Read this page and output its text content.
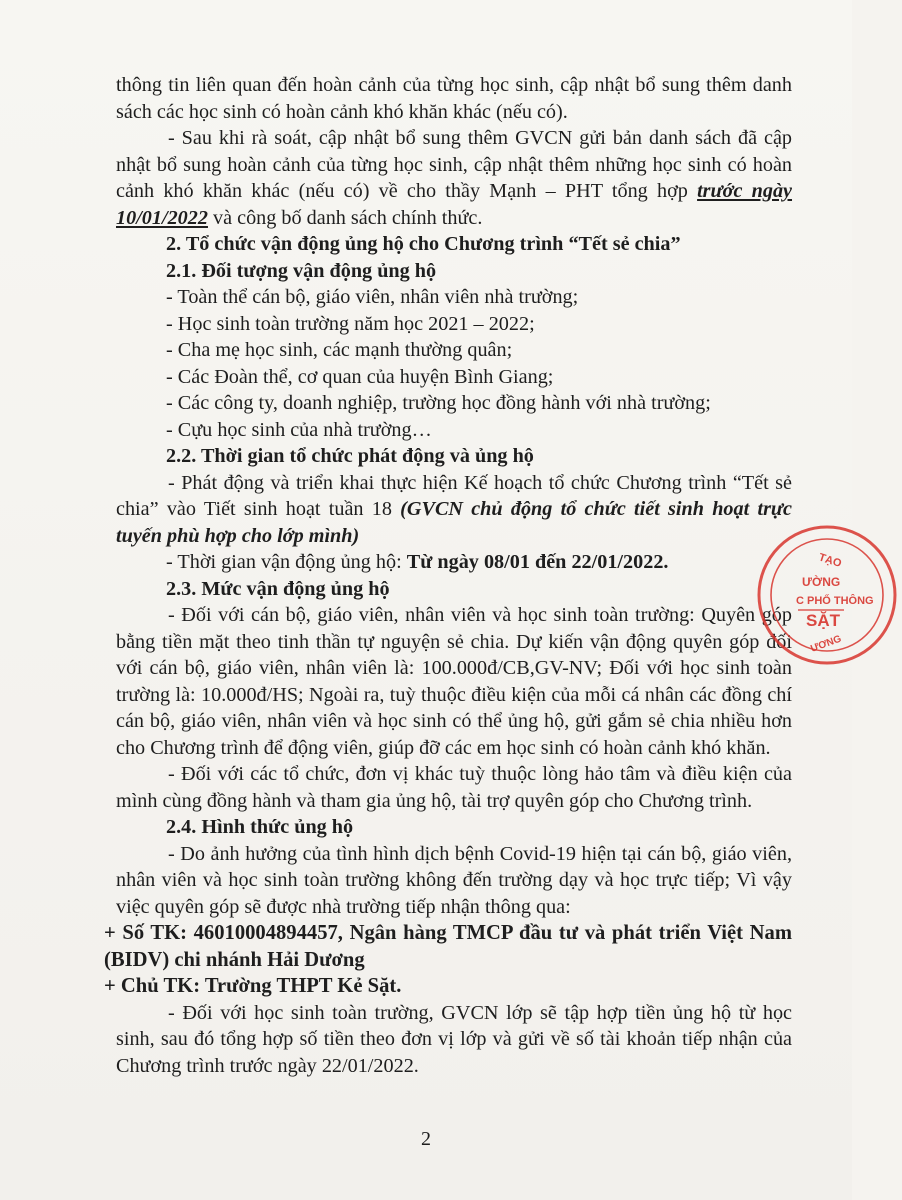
thông tin liên quan đến hoàn cảnh của từng học sinh, cập nhật bổ sung thêm danh sách các học sinh có hoàn cảnh khó khăn khác (nếu có).

- Sau khi rà soát, cập nhật bổ sung thêm GVCN gửi bản danh sách đã cập nhật bổ sung hoàn cảnh của từng học sinh, cập nhật thêm những học sinh có hoàn cảnh khó khăn khác (nếu có) về cho thầy Mạnh – PHT tổng hợp trước ngày 10/01/2022 và công bố danh sách chính thức.

2. Tổ chức vận động ủng hộ cho Chương trình “Tết sẻ chia”

2.1. Đối tượng vận động ủng hộ

- Toàn thể cán bộ, giáo viên, nhân viên nhà trường;

- Học sinh toàn trường năm học 2021 – 2022;

- Cha mẹ học sinh, các mạnh thường quân;

- Các Đoàn thể, cơ quan của huyện Bình Giang;

- Các công ty, doanh nghiệp, trường học đồng hành với nhà trường;

- Cựu học sinh của nhà trường…

2.2. Thời gian tổ chức phát động và ủng hộ

- Phát động và triển khai thực hiện Kế hoạch tổ chức Chương trình “Tết sẻ chia” vào Tiết sinh hoạt tuần 18 (GVCN chủ động tổ chức tiết sinh hoạt trực tuyến phù hợp cho lớp mình)

- Thời gian vận động ủng hộ: Từ ngày 08/01 đến 22/01/2022.

2.3. Mức vận động ủng hộ

- Đối với cán bộ, giáo viên, nhân viên và học sinh toàn trường: Quyên góp bằng tiền mặt theo tinh thần tự nguyện sẻ chia. Dự kiến vận động quyên góp đối với cán bộ, giáo viên, nhân viên là: 100.000đ/CB,GV-NV; Đối với học sinh toàn trường là: 10.000đ/HS; Ngoài ra, tuỳ thuộc điều kiện của mỗi cá nhân các đồng chí cán bộ, giáo viên, nhân viên và học sinh có thể ủng hộ, gửi gắm sẻ chia nhiều hơn cho Chương trình để động viên, giúp đỡ các em học sinh có hoàn cảnh khó khăn.

- Đối với các tổ chức, đơn vị khác tuỳ thuộc lòng hảo tâm và điều kiện của mình cùng đồng hành và tham gia ủng hộ, tài trợ quyên góp cho Chương trình.

2.4. Hình thức ủng hộ

- Do ảnh hưởng của tình hình dịch bệnh Covid-19 hiện tại cán bộ, giáo viên, nhân viên và học sinh toàn trường không đến trường dạy và học trực tiếp; Vì vậy việc quyên góp sẽ được nhà trường tiếp nhận thông qua:

+ Số TK: 46010004894457, Ngân hàng TMCP đầu tư và phát triển Việt Nam (BIDV) chi nhánh Hải Dương

+ Chủ TK: Trường THPT Kẻ Sặt.

- Đối với học sinh toàn trường, GVCN lớp sẽ tập hợp tiền ủng hộ từ học sinh, sau đó tổng hợp số tiền theo đơn vị lớp và gửi về số tài khoản tiếp nhận của Chương trình trước ngày 22/01/2022.

2
TẠO
ƯỜNG
C PHỔ THÔNG
SẶT
ƯƠNG
